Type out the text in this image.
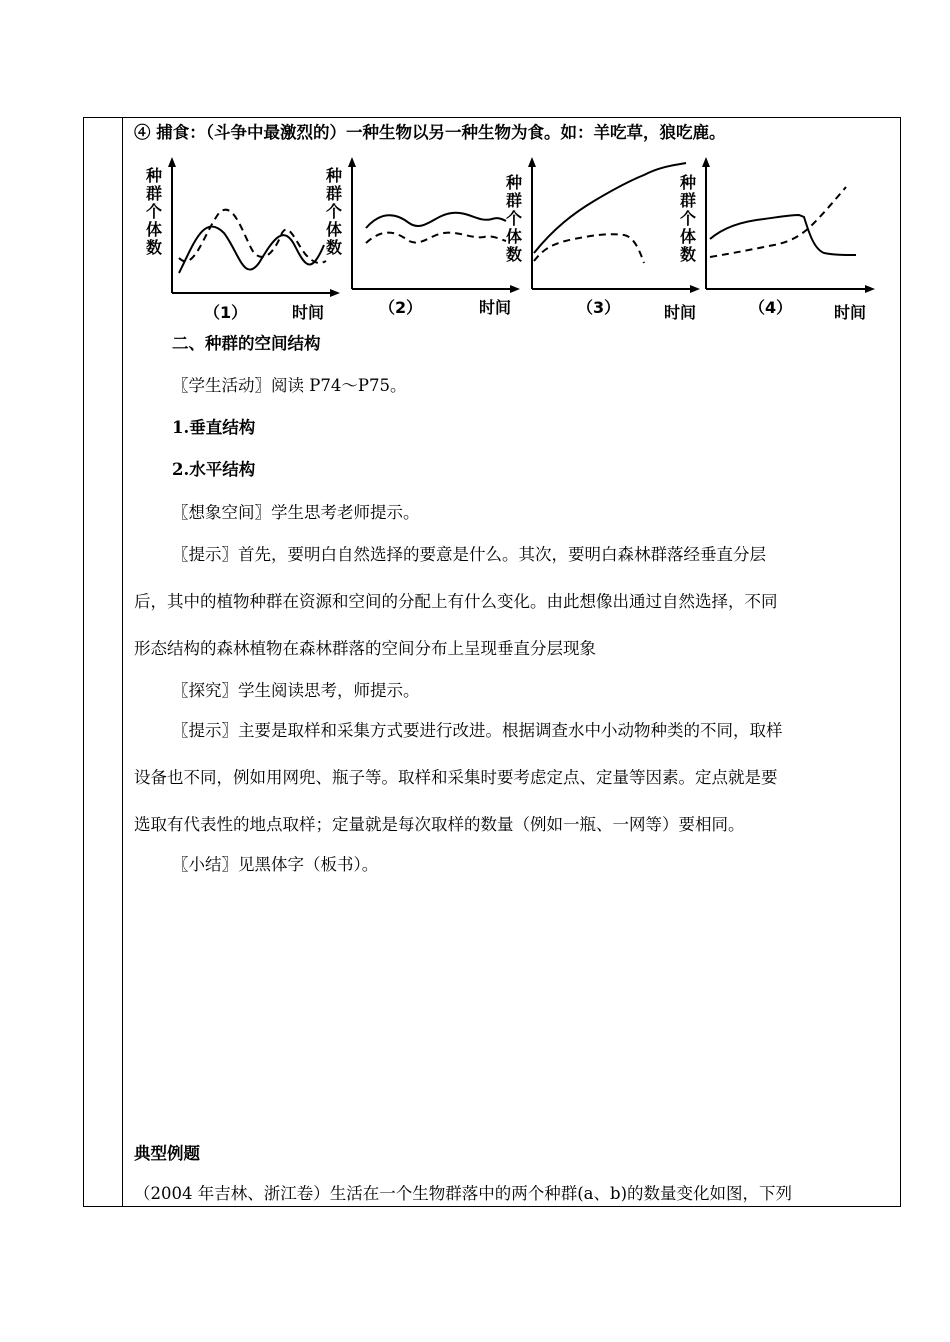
④ 捕食：（斗争中最激烈的）一种生物以另一种生物为食。如：羊吃草，狼吃鹿。
种
群
个
体
数
（1）	时间
种
群
个
体
数
（2）	时间
种
群
个
体
数
（3）	时间
种
群
个
体
数
（4）	时间
二、种群的空间结构
〖学生活动〗阅读 P74～P75。
1.垂直结构
2.水平结构
〖想象空间〗学生思考老师提示。
〖提示〗首先，要明白自然选择的要意是什么。其次，要明白森林群落经垂直分层
后，其中的植物种群在资源和空间的分配上有什么变化。由此想像出通过自然选择，不同
形态结构的森林植物在森林群落的空间分布上呈现垂直分层现象
〖探究〗学生阅读思考，师提示。
〖提示〗主要是取样和采集方式要进行改进。根据调查水中小动物种类的不同，取样
设备也不同，例如用网兜、瓶子等。取样和采集时要考虑定点、定量等因素。定点就是要
选取有代表性的地点取样；定量就是每次取样的数量（例如一瓶、一网等）要相同。
〖小结〗见黑体字（板书）。
典型例题
（2004 年吉林、浙江卷）生活在一个生物群落中的两个种群(a、b)的数量变化如图，下列
